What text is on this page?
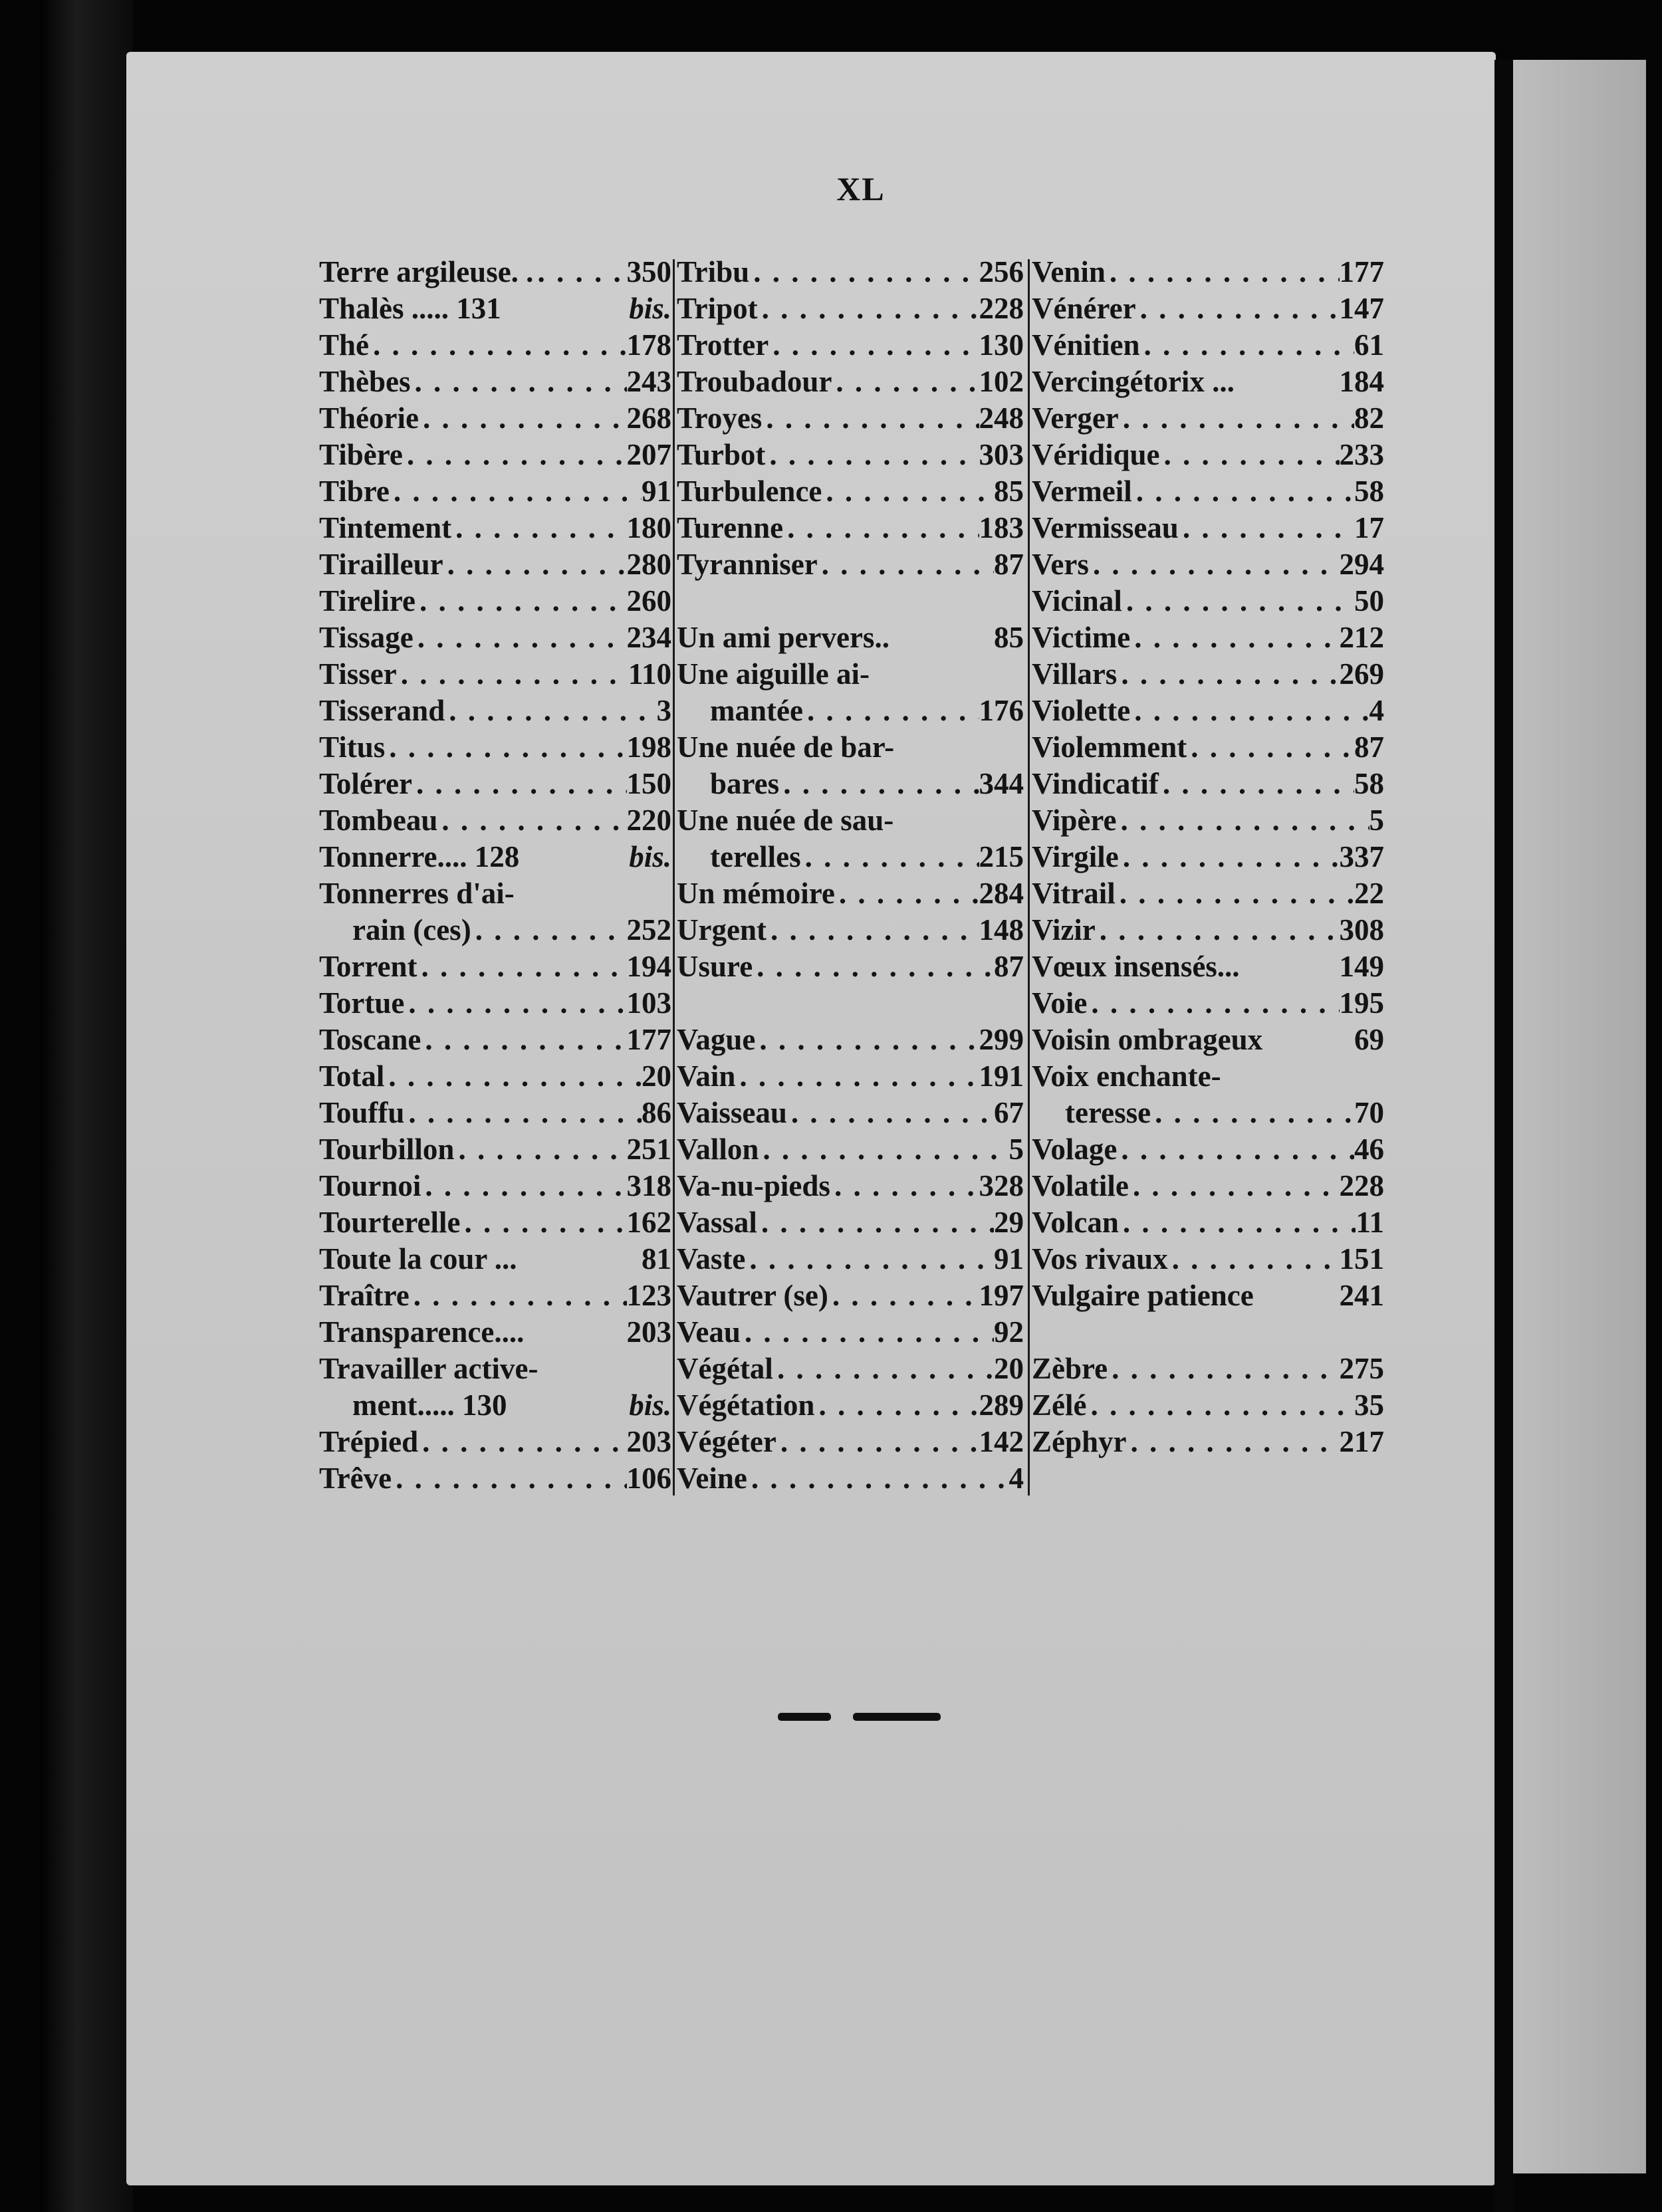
XL
Terre argileuse. . . . .	350
Thalès ..... 131	bis.
Thé . . .	178
Thèbes . . .	243
Théorie . . .	268
Tibère . . .	207
Tibre . . .	91
Tintement . . .	180
Tirailleur . . .	280
Tirelire . . .	260
Tissage . . .	234
Tisser . . .	110
Tisserand . . .	3
Titus . . .	198
Tolérer . . .	150
Tombeau . . .	220
Tonnerre.... 128	bis.
Tonnerres d'ai-
rain (ces) . . .	252
Torrent . . .	194
Tortue . . .	103
Toscane . . .	177
Total . . .	20
Touffu . . .	86
Tourbillon . . .	251
Tournoi . . .	318
Tourterelle . . .	162
Toute la cour ...	81
Traître . . .	123
Transparence....	203
Travailler active-
ment..... 130	bis.
Trépied . . .	203
Trêve . . .	106
Tribu . . .	256
Tripot . . .	228
Trotter . . .	130
Troubadour . . .	102
Troyes . . .	248
Turbot . . .	303
Turbulence . . .	85
Turenne . . .	183
Tyranniser . . .	87
Un ami pervers..	85
Une aiguille ai-
mantée . . .	176
Une nuée de bar-
bares . . .	344
Une nuée de sau-
terelles . . .	215
Un mémoire . . .	284
Urgent . . .	148
Usure . . .	87
Vague . . .	299
Vain . . .	191
Vaisseau . . .	67
Vallon . . .	5
Va-nu-pieds . . .	328
Vassal . . .	29
Vaste . . .	91
Vautrer (se) . . .	197
Veau . . .	92
Végétal . . .	20
Végétation . . .	289
Végéter . . .	142
Veine . . .	4
Venin . . .	177
Vénérer . . .	147
Vénitien . . .	61
Vercingétorix ...	184
Verger . . .	82
Véridique . . .	233
Vermeil . . .	58
Vermisseau . . .	17
Vers . . .	294
Vicinal . . .	50
Victime . . .	212
Villars . . .	269
Violette . . .	4
Violemment . . .	87
Vindicatif . . .	58
Vipère . . .	5
Virgile . . .	337
Vitrail . . .	22
Vizir . . .	308
Vœux insensés...	149
Voie . . .	195
Voisin ombrageux	69
Voix enchante-
teresse . . .	70
Volage . . .	46
Volatile . . .	228
Volcan . . .	11
Vos rivaux . . .	151
Vulgaire patience	241
Zèbre . . .	275
Zélé . . .	35
Zéphyr . . .	217
